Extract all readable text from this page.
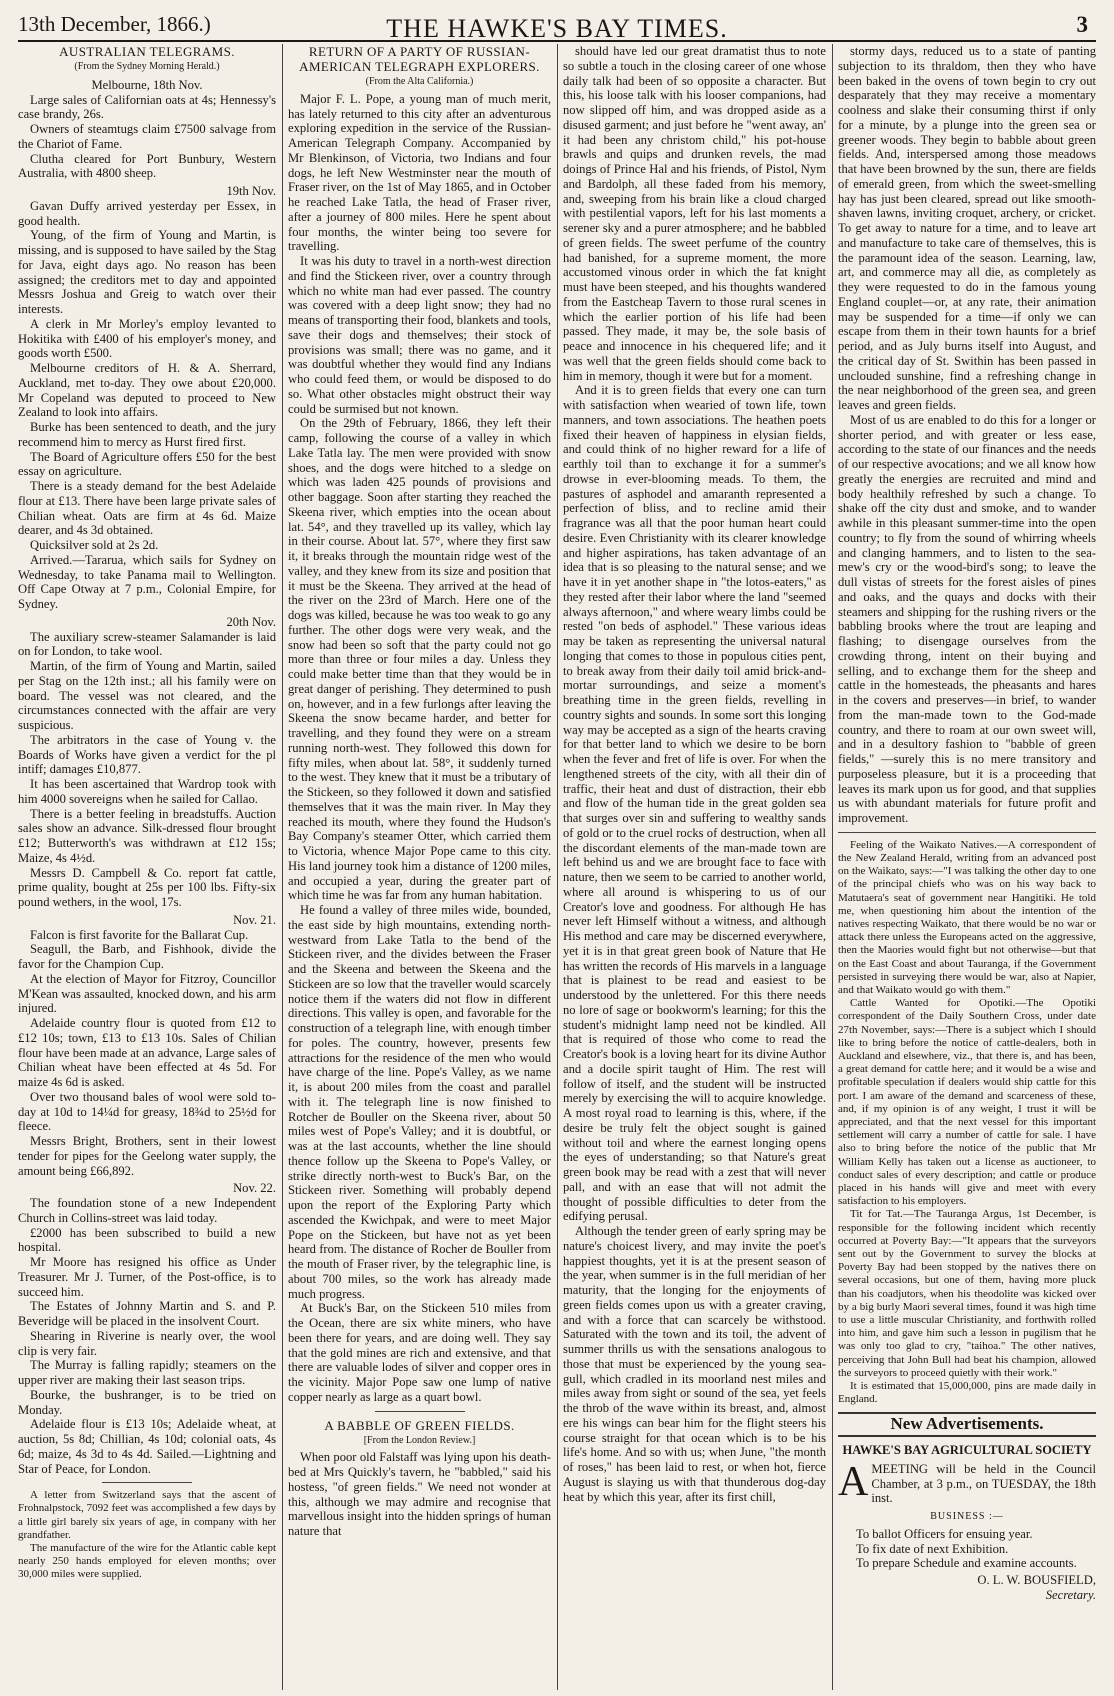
13th December, 1866.)	THE HAWKE'S BAY TIMES.	3
AUSTRALIAN TELEGRAMS.
(From the Sydney Morning Herald.)
Melbourne, 18th Nov.

Large sales of Californian oats at 4s; Hennessy's case brandy, 26s.

Owners of steamtugs claim £7500 salvage from the Chariot of Fame.

Clutha cleared for Port Bunbury, Western Australia, with 4800 sheep.

19th Nov.

Gavan Duffy arrived yesterday per Essex, in good health.

Young, of the firm of Young and Martin, is missing, and is supposed to have sailed by the Stag for Java, eight days ago. No reason has been assigned; the creditors met to day and appointed Messrs Joshua and Greig to watch over their interests.

A clerk in Mr Morley's employ levanted to Hokitika with £400 of his employer's money, and goods worth £500.

Melbourne creditors of H. & A. Sherrard, Auckland, met to-day. They owe about £20,000. Mr Copeland was deputed to proceed to New Zealand to look into affairs.

Burke has been sentenced to death, and the jury recommend him to mercy as Hurst fired first.

The Board of Agriculture offers £50 for the best essay on agriculture.

There is a steady demand for the best Adelaide flour at £13. There have been large private sales of Chilian wheat. Oats are firm at 4s 6d. Maize dearer, and 4s 3d obtained.

Quicksilver sold at 2s 2d.

Arrived.—Tararua, which sails for Sydney on Wednesday, to take Panama mail to Wellington. Off Cape Otway at 7 p.m., Colonial Empire, for Sydney.

20th Nov.

The auxiliary screw-steamer Salamander is laid on for London, to take wool.

Martin, of the firm of Young and Martin, sailed per Stag on the 12th inst.; all his family were on board. The vessel was not cleared, and the circumstances connected with the affair are very suspicious.

The arbitrators in the case of Young v. the Boards of Works have given a verdict for the pl intiff; damages £10,877.

It has been ascertained that Wardrop took with him 4000 sovereigns when he sailed for Callao.

There is a better feeling in breadstuffs. Auction sales show an advance. Silk-dressed flour brought £12; Butterworth's was withdrawn at £12 15s; Maize, 4s 4½d.

Messrs D. Campbell & Co. report fat cattle, prime quality, bought at 25s per 100 lbs. Fifty-six pound wethers, in the wool, 17s.

Nov. 21.

Falcon is first favorite for the Ballarat Cup.

Seagull, the Barb, and Fishhook, divide the favor for the Champion Cup.

At the election of Mayor for Fitzroy, Councillor M'Kean was assaulted, knocked down, and his arm injured.

Adelaide country flour is quoted from £12 to £12 10s; town, £13 to £13 10s. Sales of Chilian flour have been made at an advance, Large sales of Chilian wheat have been effected at 4s 5d. For maize 4s 6d is asked.

Over two thousand bales of wool were sold to-day at 10d to 14¼d for greasy, 18¾d to 25½d for fleece.

Messrs Bright, Brothers, sent in their lowest tender for pipes for the Geelong water supply, the amount being £66,892.

Nov. 22.

The foundation stone of a new Independent Church in Collins-street was laid today.

£2000 has been subscribed to build a new hospital.

Mr Moore has resigned his office as Under Treasurer. Mr J. Turner, of the Post-office, is to succeed him.

The Estates of Johnny Martin and S. and P. Beveridge will be placed in the insolvent Court.

Shearing in Riverine is nearly over, the wool clip is very fair.

The Murray is falling rapidly; steamers on the upper river are making their last season trips.

Bourke, the bushranger, is to be tried on Monday.

Adelaide flour is £13 10s; Adelaide wheat, at auction, 5s 8d; Chillian, 4s 10d; colonial oats, 4s 6d; maize, 4s 3d to 4s 4d. Sailed.—Lightning and Star of Peace, for London.

A letter from Switzerland says that the ascent of Frohnalpstock, 7092 feet was accomplished a few days by a little girl barely six years of age, in company with her grandfather.

The manufacture of the wire for the Atlantic cable kept nearly 250 hands employed for eleven months; over 30,000 miles were supplied.

RETURN OF A PARTY OF RUSSIAN-AMERICAN TELEGRAPH EXPLORERS.
(From the Alta California.)

Major F. L. Pope, a young man of much merit, has lately returned to this city after an adventurous exploring expedition in the service of the Russian-American Telegraph Company. Accompanied by Mr Blenkinson, of Victoria, two Indians and four dogs, he left New Westminster near the mouth of Fraser river, on the 1st of May 1865, and in October he reached Lake Tatla, the head of Fraser river, after a journey of 800 miles. Here he spent about four months, the winter being too severe for travelling.

It was his duty to travel in a north-west direction and find the Stickeen river, over a country through which no white man had ever passed. The country was covered with a deep light snow; they had no means of transporting their food, blankets and tools, save their dogs and themselves; their stock of provisions was small; there was no game, and it was doubtful whether they would find any Indians who could feed them, or would be disposed to do so. What other obstacles might obstruct their way could be surmised but not known.

On the 29th of February, 1866, they left their camp, following the course of a valley in which Lake Tatla lay. The men were provided with snow shoes, and the dogs were hitched to a sledge on which was laden 425 pounds of provisions and other baggage. Soon after starting they reached the Skeena river, which empties into the ocean about lat. 54°, and they travelled up its valley, which lay in their course. About lat. 57°, where they first saw it, it breaks through the mountain ridge west of the valley, and they knew from its size and position that it must be the Skeena. They arrived at the head of the river on the 23rd of March. Here one of the dogs was killed, because he was too weak to go any further. The other dogs were very weak, and the snow had been so soft that the party could not go more than three or four miles a day. Unless they could make better time than that they would be in great danger of perishing. They determined to push on, however, and in a few furlongs after leaving the Skeena the snow became harder, and better for travelling, and they found they were on a stream running north-west. They followed this down for fifty miles, when about lat. 58°, it suddenly turned to the west. They knew that it must be a tributary of the Stickeen, so they followed it down and satisfied themselves that it was the main river. In May they reached its mouth, where they found the Hudson's Bay Company's steamer Otter, which carried them to Victoria, whence Major Pope came to this city. His land journey took him a distance of 1200 miles, and occupied a year, during the greater part of which time he was far from any human habitation.

He found a valley of three miles wide, bounded, the east side by high mountains, extending north-westward from Lake Tatla to the bend of the Stickeen river, and the divides between the Fraser and the Skeena and between the Skeena and the Stickeen are so low that the traveller would scarcely notice them if the waters did not flow in different directions. This valley is open, and favorable for the construction of a telegraph line, with enough timber for poles. The country, however, presents few attractions for the residence of the men who would have charge of the line. Pope's Valley, as we name it, is about 200 miles from the coast and parallel with it. The telegraph line is now finished to Rotcher de Bouller on the Skeena river, about 50 miles west of Pope's Valley; and it is doubtful, or was at the last accounts, whether the line should thence follow up the Skeena to Pope's Valley, or strike directly north-west to Buck's Bar, on the Stickeen river. Something will probably depend upon the report of the Exploring Party which ascended the Kwichpak, and were to meet Major Pope on the Stickeen, but have not as yet been heard from. The distance of Rocher de Bouller from the mouth of Fraser river, by the telegraphic line, is about 700 miles, so the work has already made much progress.

At Buck's Bar, on the Stickeen 510 miles from the Ocean, there are six white miners, who have been there for years, and are doing well. They say that the gold mines are rich and extensive, and that there are valuable lodes of silver and copper ores in the vicinity. Major Pope saw one lump of native copper nearly as large as a quart bowl.

A BABBLE OF GREEN FIELDS.
[From the London Review.]

When poor old Falstaff was lying upon his death-bed at Mrs Quickly's tavern, he "babbled," said his hostess, "of green fields." We need not wonder at this, although we may admire and recognise that marvellous insight into the hidden springs of human nature that

should have led our great dramatist thus to note so subtle a touch in the closing career of one whose daily talk had been of so opposite a character. But this, his loose talk with his looser companions, had now slipped off him, and was dropped aside as a disused garment; and just before he "went away, an' it had been any christom child," his pot-house brawls and quips and drunken revels, the mad doings of Prince Hal and his friends, of Pistol, Nym and Bardolph, all these faded from his memory, and, sweeping from his brain like a cloud charged with pestilential vapors, left for his last moments a serener sky and a purer atmosphere; and he babbled of green fields. The sweet perfume of the country had banished, for a supreme moment, the more accustomed vinous order in which the fat knight must have been steeped, and his thoughts wandered from the Eastcheap Tavern to those rural scenes in which the earlier portion of his life had been passed. They made, it may be, the sole basis of peace and innocence in his chequered life; and it was well that the green fields should come back to him in memory, though it were but for a moment.

And it is to green fields that every one can turn with satisfaction when wearied of town life, town manners, and town associations. The heathen poets fixed their heaven of happiness in elysian fields, and could think of no higher reward for a life of earthly toil than to exchange it for a summer's drowse in ever-blooming meads. To them, the pastures of asphodel and amaranth represented a perfection of bliss, and to recline amid their fragrance was all that the poor human heart could desire. Even Christianity with its clearer knowledge and higher aspirations, has taken advantage of an idea that is so pleasing to the natural sense; and we have it in yet another shape in "the lotos-eaters," as they rested after their labor where the land "seemed always afternoon," and where weary limbs could be rested "on beds of asphodel." These various ideas may be taken as representing the universal natural longing that comes to those in populous cities pent, to break away from their daily toil amid brick-and-mortar surroundings, and seize a moment's breathing time in the green fields, revelling in country sights and sounds. In some sort this longing way may be accepted as a sign of the hearts craving for that better land to which we desire to be born when the fever and fret of life is over. For when the lengthened streets of the city, with all their din of traffic, their heat and dust of distraction, their ebb and flow of the human tide in the great golden sea that surges over sin and suffering to wealthy sands of gold or to the cruel rocks of destruction, when all the discordant elements of the man-made town are left behind us and we are brought face to face with nature, then we seem to be carried to another world, where all around is whispering to us of our Creator's love and goodness. For although He has never left Himself without a witness, and although His method and care may be discerned everywhere, yet it is in that great green book of Nature that He has written the records of His marvels in a language that is plainest to be read and easiest to be understood by the unlettered. For this there needs no lore of sage or bookworm's learning; for this the student's midnight lamp need not be kindled. All that is required of those who come to read the Creator's book is a loving heart for its divine Author and a docile spirit taught of Him. The rest will follow of itself, and the student will be instructed merely by exercising the will to acquire knowledge. A most royal road to learning is this, where, if the desire be truly felt the object sought is gained without toil and where the earnest longing opens the eyes of understanding; so that Nature's great green book may be read with a zest that will never pall, and with an ease that will not admit the thought of possible difficulties to deter from the edifying perusal.

Although the tender green of early spring may be nature's choicest livery, and may invite the poet's happiest thoughts, yet it is at the present season of the year, when summer is in the full meridian of her maturity, that the longing for the enjoyments of green fields comes upon us with a greater craving, and with a force that can scarcely be withstood. Saturated with the town and its toil, the advent of summer thrills us with the sensations analogous to those that must be experienced by the young sea-gull, which cradled in its moorland nest miles and miles away from sight or sound of the sea, yet feels the throb of the wave within its breast, and, almost ere his wings can bear him for the flight steers his course straight for that ocean which is to be his life's home. And so with us; when June, "the month of roses," has been laid to rest, or when hot, fierce August is slaying us with that thunderous dog-day heat by which this year, after its first chill,

stormy days, reduced us to a state of panting subjection to its thraldom, then they who have been baked in the ovens of town begin to cry out desparately that they may receive a momentary coolness and slake their consuming thirst if only for a minute, by a plunge into the green sea or greener woods. They begin to babble about green fields. And, interspersed among those meadows that have been browned by the sun, there are fields of emerald green, from which the sweet-smelling hay has just been cleared, spread out like smooth-shaven lawns, inviting croquet, archery, or cricket. To get away to nature for a time, and to leave art and manufacture to take care of themselves, this is the paramount idea of the season. Learning, law, art, and commerce may all die, as completely as they were requested to do in the famous young England couplet—or, at any rate, their animation may be suspended for a time—if only we can escape from them in their town haunts for a brief period, and as July burns itself into August, and the critical day of St. Swithin has been passed in unclouded sunshine, find a refreshing change in the near neighborhood of the green sea, and green leaves and green fields.

Most of us are enabled to do this for a longer or shorter period, and with greater or less ease, according to the state of our finances and the needs of our respective avocations; and we all know how greatly the energies are recruited and mind and body healthily refreshed by such a change. To shake off the city dust and smoke, and to wander awhile in this pleasant summer-time into the open country; to fly from the sound of whirring wheels and clanging hammers, and to listen to the sea-mew's cry or the wood-bird's song; to leave the dull vistas of streets for the forest aisles of pines and oaks, and the quays and docks with their steamers and shipping for the rushing rivers or the babbling brooks where the trout are leaping and flashing; to disengage ourselves from the crowding throng, intent on their buying and selling, and to exchange them for the sheep and cattle in the homesteads, the pheasants and hares in the covers and preserves—in brief, to wander from the man-made town to the God-made country, and there to roam at our own sweet will, and in a desultory fashion to "babble of green fields," —surely this is no mere transitory and purposeless pleasure, but it is a proceeding that leaves its mark upon us for good, and that supplies us with abundant materials for future profit and improvement.

Feeling of the Waikato Natives.—A correspondent of the New Zealand Herald, writing from an advanced post on the Waikato, says:—"I was talking the other day to one of the principal chiefs who was on his way back to Matutaera's seat of government near Hangitiki. He told me, when questioning him about the intention of the natives respecting Waikato, that there would be no war or attack there unless the Europeans acted on the aggressive, then the Maories would fight but not otherwise—but that on the East Coast and about Tauranga, if the Government persisted in surveying there would be war, also at Napier, and that Waikato would go with them."

Cattle Wanted for Opotiki.—The Opotiki correspondent of the Daily Southern Cross, under date 27th November, says:—There is a subject which I should like to bring before the notice of cattle-dealers, both in Auckland and elsewhere, viz., that there is, and has been, a great demand for cattle here; and it would be a wise and profitable speculation if dealers would ship cattle for this port. I am aware of the demand and scarceness of these, and, if my opinion is of any weight, I trust it will be appreciated, and that the next vessel for this important settlement will carry a number of cattle for sale. I have also to bring before the notice of the public that Mr William Kelly has taken out a license as auctioneer, to conduct sales of every description; and cattle or produce placed in his hands will give and meet with every satisfaction to his employers.

Tit for Tat.—The Tauranga Argus, 1st December, is responsible for the following incident which recently occurred at Poverty Bay:—"It appears that the surveyors sent out by the Government to survey the blocks at Poverty Bay had been stopped by the natives there on several occasions, but one of them, having more pluck than his coadjutors, when his theodolite was kicked over by a big burly Maori several times, found it was high time to use a little muscular Christianity, and forthwith rolled into him, and gave him such a lesson in pugilism that he was only too glad to cry, "taihoa." The other natives, perceiving that John Bull had beat his champion, allowed the surveyors to proceed quietly with their work."

It is estimated that 15,000,000, pins are made daily in England.

New Advertisements.
HAWKE'S BAY AGRICULTURAL SOCIETY

AMEETING will be held in the Council Chamber, at 3 p.m., on TUESDAY, the 18th inst.

BUSINESS :—

To ballot Officers for ensuing year.

To fix date of next Exhibition.

To prepare Schedule and examine accounts.

O. L. W. BOUSFIELD,
Secretary.
